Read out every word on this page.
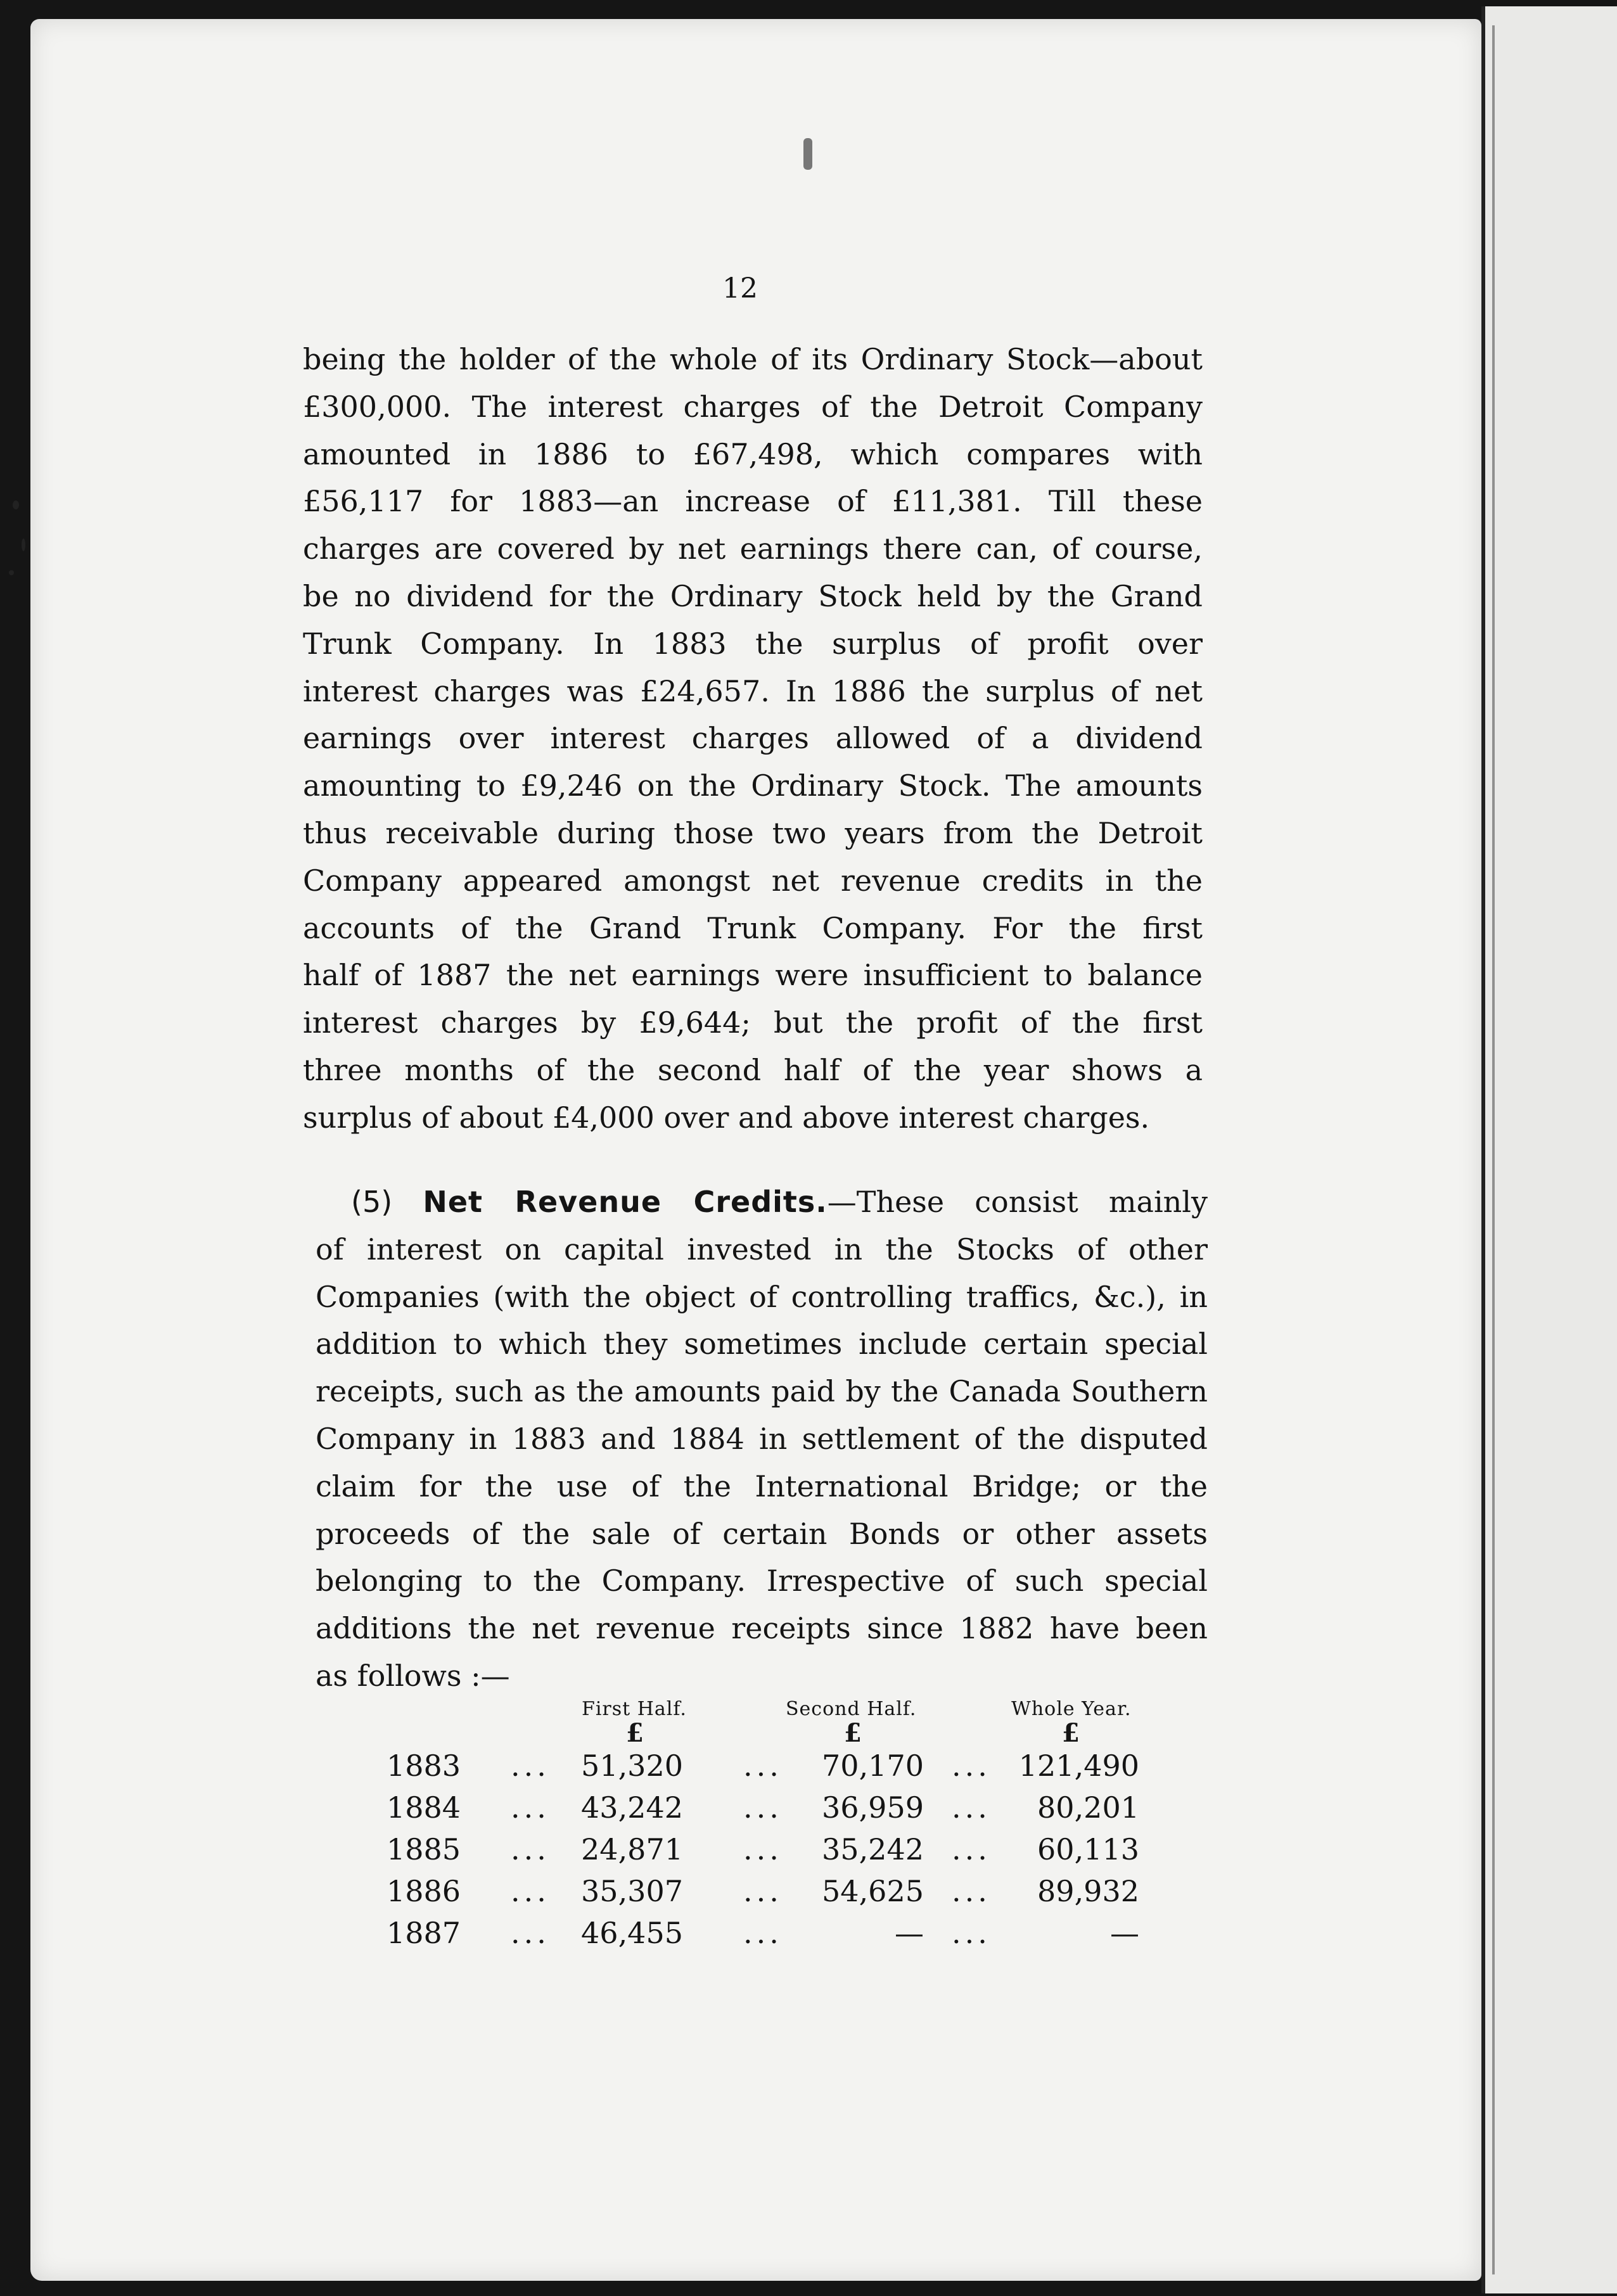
12
being the holder of the whole of its Ordinary Stock—about
£300,000. The interest charges of the Detroit Company
amounted in 1886 to £67,498, which compares with
£56,117 for 1883—an increase of £11,381. Till these
charges are covered by net earnings there can, of course,
be no dividend for the Ordinary Stock held by the Grand
Trunk Company. In 1883 the surplus of profit over
interest charges was £24,657. In 1886 the surplus of net
earnings over interest charges allowed of a dividend
amounting to £9,246 on the Ordinary Stock. The amounts
thus receivable during those two years from the Detroit
Company appeared amongst net revenue credits in the
accounts of the Grand Trunk Company. For the first
half of 1887 the net earnings were insufficient to balance
interest charges by £9,644; but the profit of the first
three months of the second half of the year shows a
surplus of about £4,000 over and above interest charges.
(5) Net Revenue Credits.—These consist mainly
of interest on capital invested in the Stocks of other
Companies (with the object of controlling traffics, &c.), in
addition to which they sometimes include certain special
receipts, such as the amounts paid by the Canada Southern
Company in 1883 and 1884 in settlement of the disputed
claim for the use of the International Bridge; or the
proceeds of the sale of certain Bonds or other assets
belonging to the Company. Irrespective of such special
additions the net revenue receipts since 1882 have been
as follows :—
First Half.	Second Half.	Whole Year.
£	£	£
1883 ...	51,320 ...	70,170 ... 121,490
1884 ...	43,242 ...	36,959 ...	80,201
1885 ...	24,871 ...	35,242 ...	60,113
1886 ...	35,307 ...	54,625 ...	89,932
1887 ...	46,455 ...	— ...	—
